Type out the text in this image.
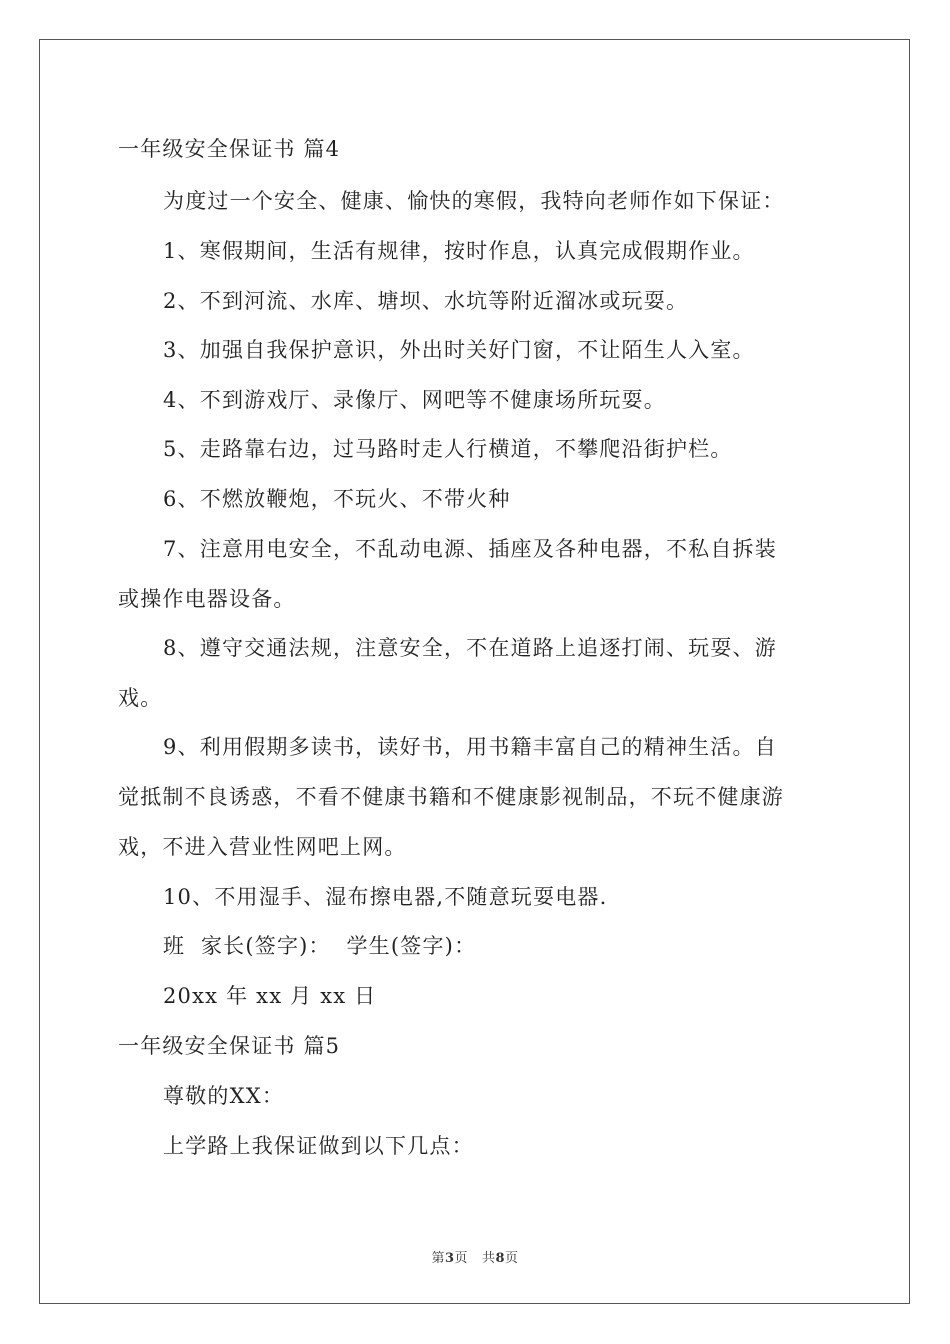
一年级安全保证书 篇4
为度过一个安全、健康、愉快的寒假，我特向老师作如下保证：
1、寒假期间，生活有规律，按时作息，认真完成假期作业。
2、不到河流、水库、塘坝、水坑等附近溜冰或玩耍。
3、加强自我保护意识，外出时关好门窗，不让陌生人入室。
4、不到游戏厅、录像厅、网吧等不健康场所玩耍。
5、走路靠右边，过马路时走人行横道，不攀爬沿街护栏。
6、不燃放鞭炮，不玩火、不带火种
7、注意用电安全，不乱动电源、插座及各种电器，不私自拆装
或操作电器设备。
8、遵守交通法规，注意安全，不在道路上追逐打闹、玩耍、游
戏。
9、利用假期多读书，读好书，用书籍丰富自己的精神生活。自
觉抵制不良诱惑，不看不健康书籍和不健康影视制品，不玩不健康游
戏，不进入营业性网吧上网。
10、不用湿手、湿布擦电器,不随意玩耍电器.
班  家长(签字)：  学生(签字)：
20xx 年 xx 月 xx 日
一年级安全保证书 篇5
尊敬的XX：
上学路上我保证做到以下几点：
第3页   共8页
